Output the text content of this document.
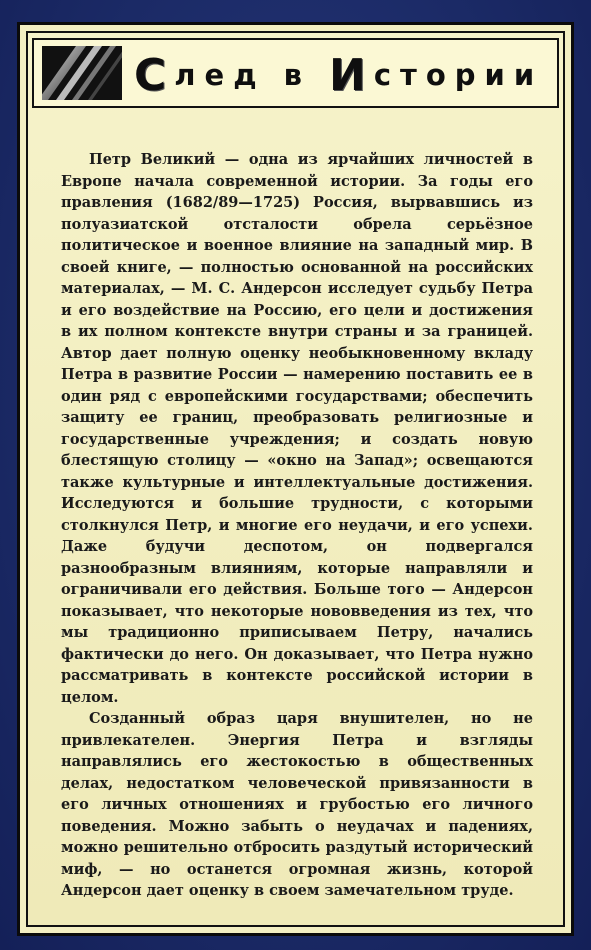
С лед в И стории

Петр Великий — одна из ярчайших личностей в Европе начала современной истории. За годы его правления (1682/89—1725) Россия, вырвавшись из полуазиатской отсталости обрела серьёзное политическое и военное влияние на западный мир. В своей книге, — полностью основанной на российских материалах, — М. С. Андерсон исследует судьбу Петра и его воздействие на Россию, его цели и достижения в их полном контексте внутри страны и за границей. Автор дает полную оценку необыкновенному вкладу Петра в развитие России — намерению поставить ее в один ряд с европейскими государствами; обеспечить защиту ее границ, преобразовать религиозные и государственные учреждения; и создать новую блестящую столицу — «окно на Запад»; освещаются также культурные и интеллектуальные достижения. Исследуются и большие трудности, с которыми столкнулся Петр, и многие его неудачи, и его успехи. Даже будучи деспотом, он подвергался разнообразным влияниям, которые направляли и ограничивали его действия. Больше того — Андерсон показывает, что некоторые нововведения из тех, что мы традиционно приписываем Петру, начались фактически до него. Он доказывает, что Петра нужно рассматривать в контексте российской истории в целом.

Созданный образ царя внушителен, но не привлекателен. Энергия Петра и взгляды направлялись его жестокостью в общественных делах, недостатком человеческой привязанности в его личных отношениях и грубостью его личного поведения. Можно забыть о неудачах и падениях, можно решительно отбросить раздутый исторический миф, — но останется огромная жизнь, которой Андерсон дает оценку в своем замечательном труде.
